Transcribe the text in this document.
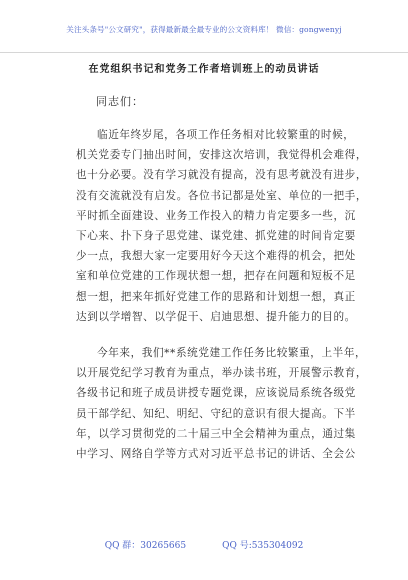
关注头条号"公文研究"，获得最新最全最专业的公文资料库！ 微信：gongwenyj
在党组织书记和党务工作者培训班上的动员讲话
同志们：
临近年终岁尾，各项工作任务相对比较繁重的时候，
机关党委专门抽出时间，安排这次培训，我觉得机会难得，
也十分必要。没有学习就没有提高，没有思考就没有进步，
没有交流就没有启发。各位书记都是处室、单位的一把手，
平时抓全面建设、业务工作投入的精力肯定要多一些，沉
下心来、扑下身子思党建、谋党建、抓党建的时间肯定要
少一点，我想大家一定要用好今天这个难得的机会，把处
室和单位党建的工作现状想一想，把存在问题和短板不足
想一想，把来年抓好党建工作的思路和计划想一想，真正
达到以学增智、以学促干、启迪思想、提升能力的目的。
今年来，我们**系统党建工作任务比较繁重，上半年，
以开展党纪学习教育为重点，举办读书班，开展警示教育，
各级书记和班子成员讲授专题党课，应该说局系统各级党
员干部学纪、知纪、明纪、守纪的意识有很大提高。下半
年，以学习贯彻党的二十届三中全会精神为重点，通过集
中学习、网络自学等方式对习近平总书记的讲话、全会公
QQ 群：30265665	QQ 号:535304092
